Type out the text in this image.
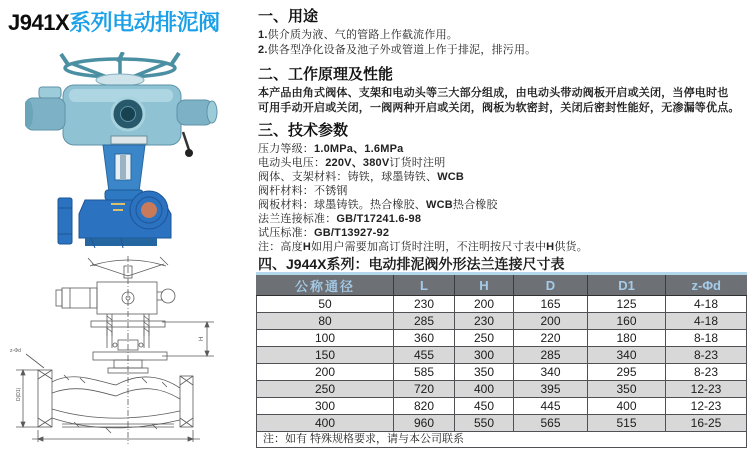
J941X系列电动排泥阀
z-Φd
D(D1)
H
一、用途
1.供介质为液、气的管路上作截流作用。
2.供各型净化设备及池子外或管道上作于排泥，排污用。
二、工作原理及性能
本产品由角式阀体、支架和电动头等三大部分组成，由电动头带动阀板开启或关闭，当停电时也
可用手动开启或关闭，一阀两种开启或关闭，阀板为软密封，关闭后密封性能好，无渗漏等优点。
三、技术参数
压力等级：1.0MPa、1.6MPa
电动头电压：220V、380V订货时注明
阀体、支架材料：铸铁，球墨铸铁、WCB
阀杆材料：不锈钢
阀板材料：球墨铸铁。热合橡胶、WCB热合橡胶
法兰连接标准：GB/T17241.6-98
试压标准：GB/T13927-92
注：高度H如用户需要加高订货时注明，不注明按尺寸表中H供货。
四、J944X系列：电动排泥阀外形法兰连接尺寸表
公称通径	L	H	D	D1	z-Φd
50	230	200	165	125	4-18
80	285	230	200	160	4-18
100	360	250	220	180	8-18
150	455	300	285	340	8-23
200	585	350	340	295	8-23
250	720	400	395	350	12-23
300	820	450	445	400	12-23
400	960	550	565	515	16-25
注：如有 特殊规格要求，请与本公司联系					
